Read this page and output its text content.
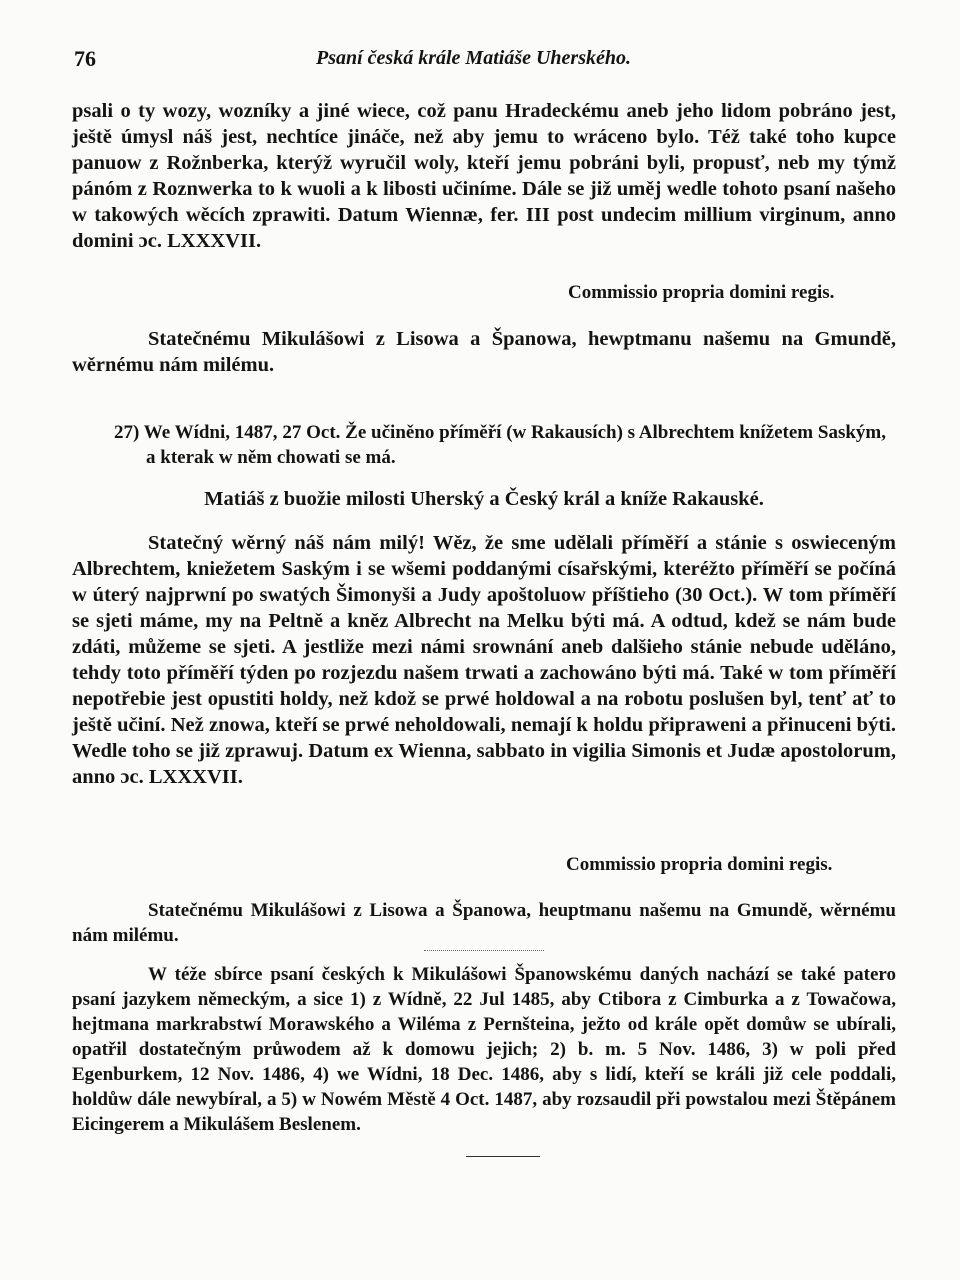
76	Psaní česká krále Matiáše Uherského.

psali o ty wozy, wozníky a jiné wiece, což panu Hradeckému aneb jeho lidom pobráno jest, ještě úmysl náš jest, nechtíce jináče, než aby jemu to wráceno bylo. Též také toho kupce panuow z Rožnberka, kterýž wyručil woly, kteří jemu pobráni byli, propusť, neb my týmž pánóm z Roznwerka to k wuoli a k libosti učiníme. Dále se již uměj wedle tohoto psaní našeho w takowých wěcích zprawiti. Datum Wiennæ, fer. III post undecim millium virginum, anno domini ɔc. LXXXVII.

Commissio propria domini regis.

Statečnému Mikulášowi z Lisowa a Španowa, hewptmanu našemu na Gmundě, wěrnému nám milému.

27) We Wídni, 1487, 27 Oct. Že učiněno příměří (w Rakausích) s Albrechtem knížetem Saským, a kterak w něm chowati se má.

Matiáš z buožie milosti Uherský a Český král a kníže Rakauské.

Statečný wěrný náš nám milý! Wěz, že sme udělali příměří a stánie s oswieceným Albrechtem, kniežetem Saským i se wšemi poddanými císařskými, kteréžto příměří se počíná w úterý najprwní po swatých Šimonyši a Judy apoštoluow příštieho (30 Oct.). W tom příměří se sjeti máme, my na Peltně a kněz Albrecht na Melku býti má. A odtud, kdež se nám bude zdáti, můžeme se sjeti. A jestliže mezi námi srownání aneb dalšieho stánie nebude uděláno, tehdy toto příměří týden po rozjezdu našem trwati a zachowáno býti má. Také w tom příměří nepotřebie jest opustiti holdy, než kdož se prwé holdowal a na robotu poslušen byl, tenť ať to ještě učiní. Než znowa, kteří se prwé neholdowali, nemají k holdu připraweni a přinuceni býti. Wedle toho se již zprawuj. Datum ex Wienna, sabbato in vigilia Simonis et Judæ apostolorum, anno ɔc. LXXXVII.

Commissio propria domini regis.

Statečnému Mikulášowi z Lisowa a Španowa, heuptmanu našemu na Gmundě, wěrnému nám milému.

W téže sbírce psaní českých k Mikulášowi Španowskému daných nachází se také patero psaní jazykem německým, a sice 1) z Wídně, 22 Jul 1485, aby Ctibora z Cimburka a z Towačowa, hejtmana markrabstwí Morawského a Wiléma z Pernšteina, ježto od krále opět domůw se ubírali, opatřil dostatečným průwodem až k domowu jejich; 2) b. m. 5 Nov. 1486, 3) w poli před Egenburkem, 12 Nov. 1486, 4) we Wídni, 18 Dec. 1486, aby s lidí, kteří se králi již cele poddali, holdůw dále newybíral, a 5) w Nowém Městě 4 Oct. 1487, aby rozsaudil při powstalou mezi Štěpánem Eicingerem a Mikulášem Beslenem.
